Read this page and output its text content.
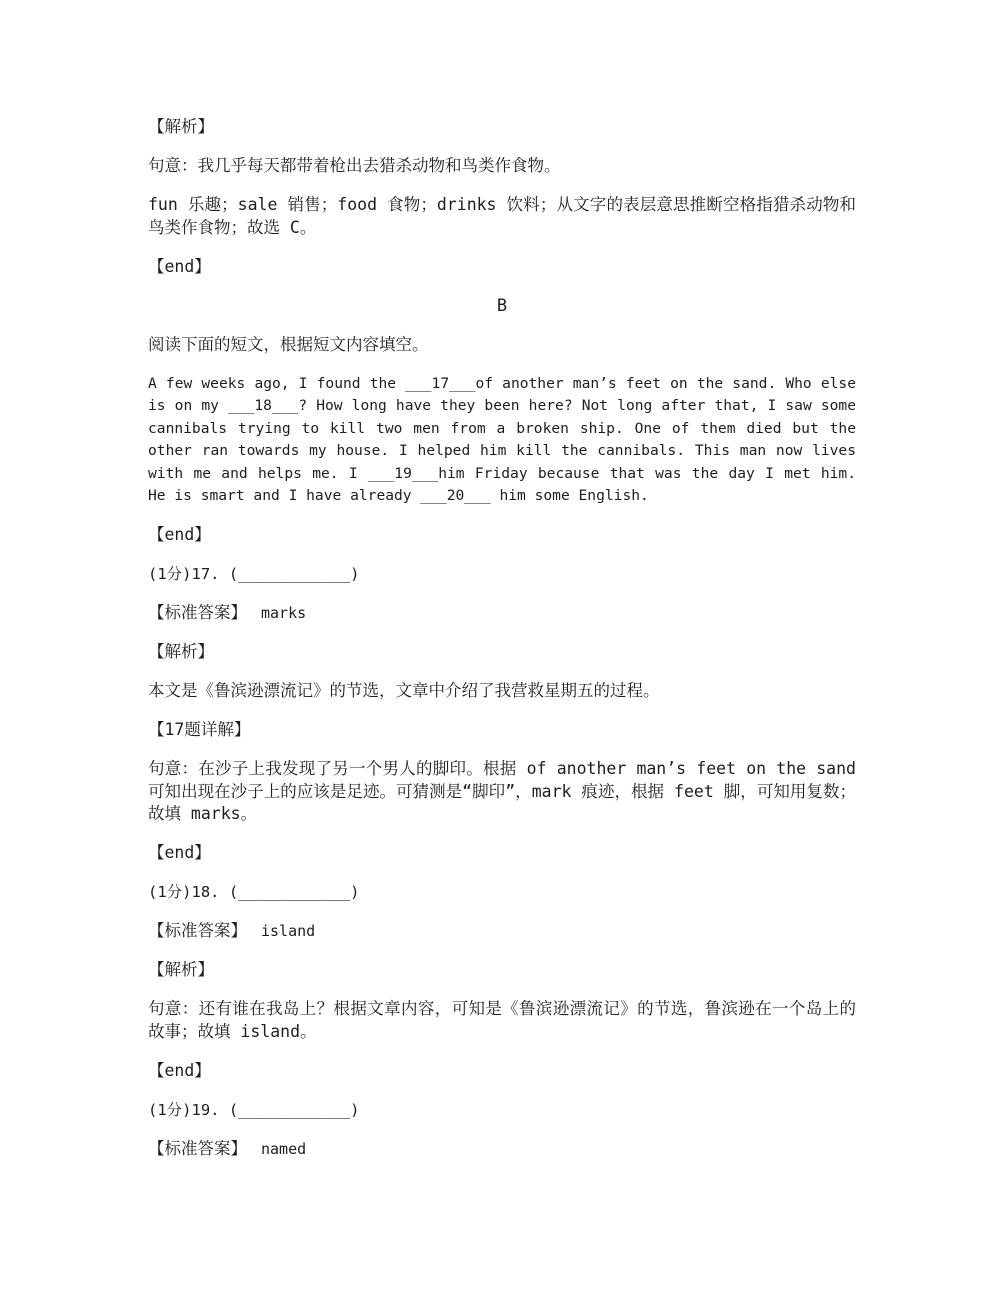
【解析】

句意：我几乎每天都带着枪出去猎杀动物和鸟类作食物。

fun 乐趣；sale 销售；food 食物；drinks 饮料；从文字的表层意思推断空格指猎杀动物和鸟类作食物；故选 C。

【end】

B

阅读下面的短文，根据短文内容填空。

A few weeks ago, I found the ___17___of another man’s feet on the sand. Who else is on my ___18___? How long have they been here? Not long after that, I saw some cannibals trying to kill two men from a broken ship. One of them died but the other ran towards my house. I helped him kill the cannibals. This man now lives with me and helps me. I ___19___him Friday because that was the day I met him. He is smart and I have already ___20___ him some English.

【end】

(1分)17. (____________)

【标准答案】 marks

【解析】

本文是《鲁滨逊漂流记》的节选，文章中介绍了我营救星期五的过程。

【17题详解】

句意：在沙子上我发现了另一个男人的脚印。根据 of another man’s feet on the sand 可知出现在沙子上的应该是足迹。可猜测是“脚印”，mark 痕迹，根据 feet 脚，可知用复数；故填 marks。

【end】

(1分)18. (____________)

【标准答案】 island

【解析】

句意：还有谁在我岛上？根据文章内容，可知是《鲁滨逊漂流记》的节选，鲁滨逊在一个岛上的故事；故填 island。

【end】

(1分)19. (____________)

【标准答案】 named
